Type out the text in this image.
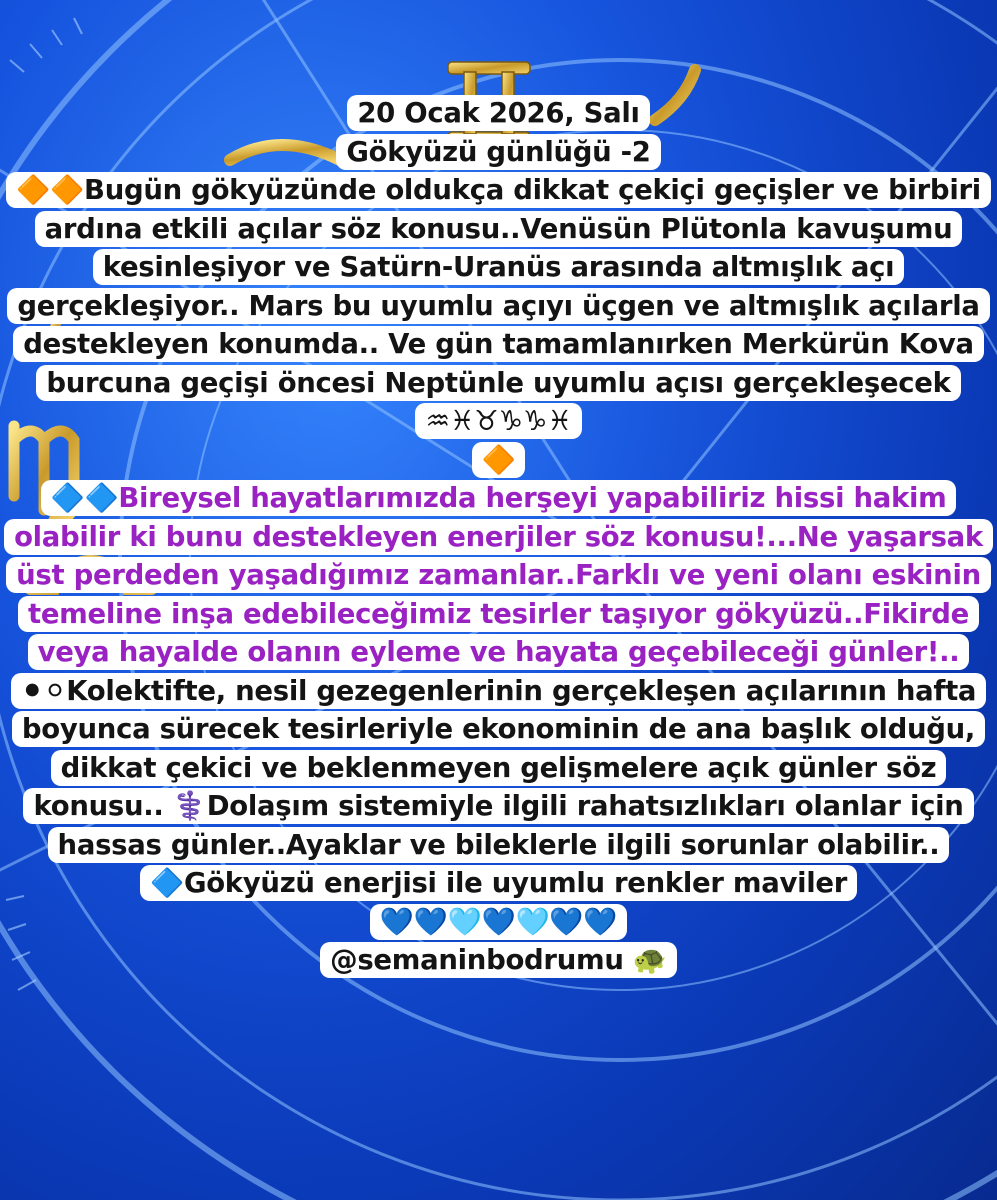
20 Ocak 2026, Salı
Gökyüzü günlüğü -2
🔶🔶Bugün gökyüzünde oldukça dikkat çekiçi geçişler ve birbiri ardına etkili açılar söz konusu..Venüsün Plütonla kavuşumu kesinleşiyor ve Satürn-Uranüs arasında altmışlık açı gerçekleşiyor.. Mars bu uyumlu açıyı üçgen ve altmışlık açılarla destekleyen konumda.. Ve gün tamamlanırken Merkürün Kova burcuna geçişi öncesi Neptünle uyumlu açısı gerçekleşecek ♒♓♉♑♑♓
🔶
🔷🔷Bireysel hayatlarımızda herşeyi yapabiliriz hissi hakim olabilir ki bunu destekleyen enerjiler söz konusu!...Ne yaşarsak üst perdeden yaşadığımız zamanlar..Farklı ve yeni olanı eskinin temeline inşa edebileceğimiz tesirler taşıyor gökyüzü..Fikirde veya hayalde olanın eyleme ve hayata geçebileceği günler!..
⚫⚪Kolektifte, nesil gezegenlerinin gerçekleşen açılarının hafta boyunca sürecek tesirleriyle ekonominin de ana başlık olduğu, dikkat çekici ve beklenmeyen gelişmelere açık günler söz konusu.. ⚕️Dolaşım sistemiyle ilgili rahatsızlıkları olanlar için hassas günler..Ayaklar ve bileklerle ilgili sorunlar olabilir..
🔷Gökyüzü enerjisi ile uyumlu renkler maviler
💙💙🩵💙🩵💙💙
@semaninbodrumu 🐢
